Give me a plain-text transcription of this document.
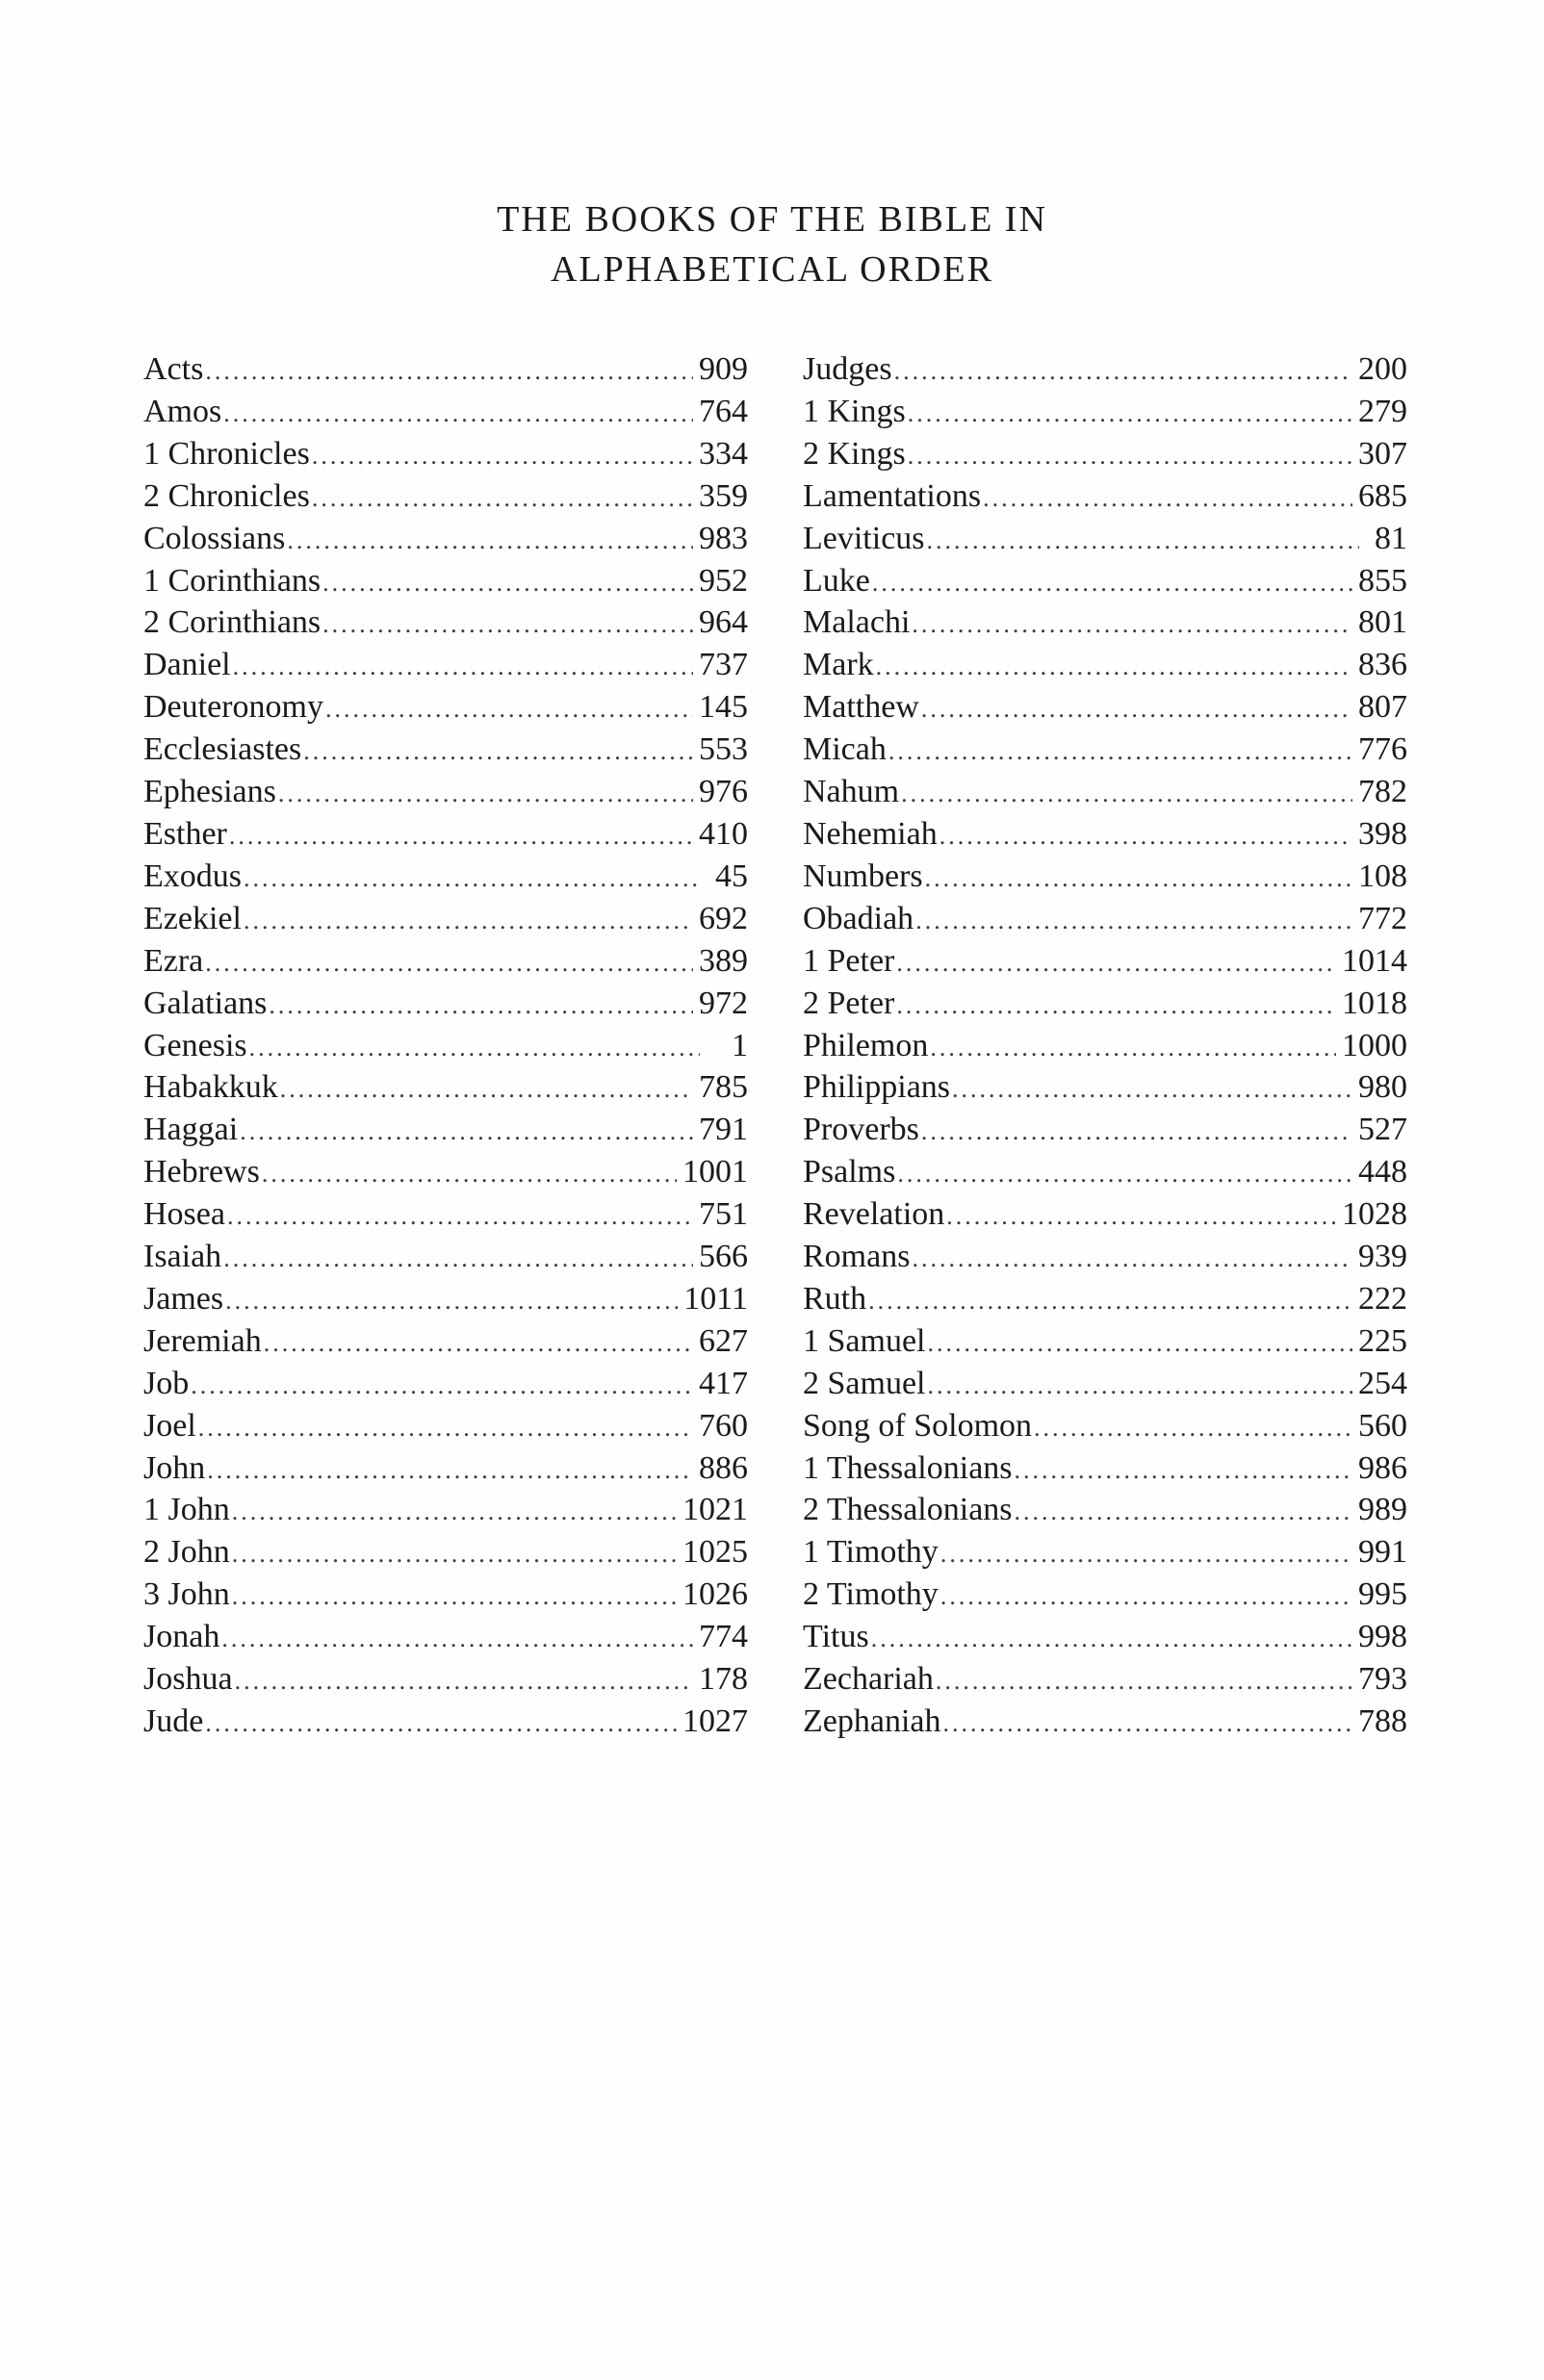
THE BOOKS OF THE BIBLE IN
ALPHABETICAL ORDER
Acts .....	909
Amos .....	764
1 Chronicles .....	334
2 Chronicles .....	359
Colossians .....	983
1 Corinthians .....	952
2 Corinthians .....	964
Daniel .....	737
Deuteronomy .....	145
Ecclesiastes .....	553
Ephesians .....	976
Esther .....	410
Exodus .....	45
Ezekiel .....	692
Ezra .....	389
Galatians .....	972
Genesis .....	1
Habakkuk .....	785
Haggai .....	791
Hebrews .....	1001
Hosea .....	751
Isaiah .....	566
James .....	1011
Jeremiah .....	627
Job .....	417
Joel .....	760
John .....	886
1 John .....	1021
2 John .....	1025
3 John .....	1026
Jonah .....	774
Joshua .....	178
Jude .....	1027
Judges .....	200
1 Kings .....	279
2 Kings .....	307
Lamentations .....	685
Leviticus .....	81
Luke .....	855
Malachi .....	801
Mark .....	836
Matthew .....	807
Micah .....	776
Nahum .....	782
Nehemiah .....	398
Numbers .....	108
Obadiah .....	772
1 Peter .....	1014
2 Peter .....	1018
Philemon .....	1000
Philippians .....	980
Proverbs .....	527
Psalms .....	448
Revelation .....	1028
Romans .....	939
Ruth .....	222
1 Samuel .....	225
2 Samuel .....	254
Song of Solomon .....	560
1 Thessalonians .....	986
2 Thessalonians .....	989
1 Timothy .....	991
2 Timothy .....	995
Titus .....	998
Zechariah .....	793
Zephaniah .....	788
